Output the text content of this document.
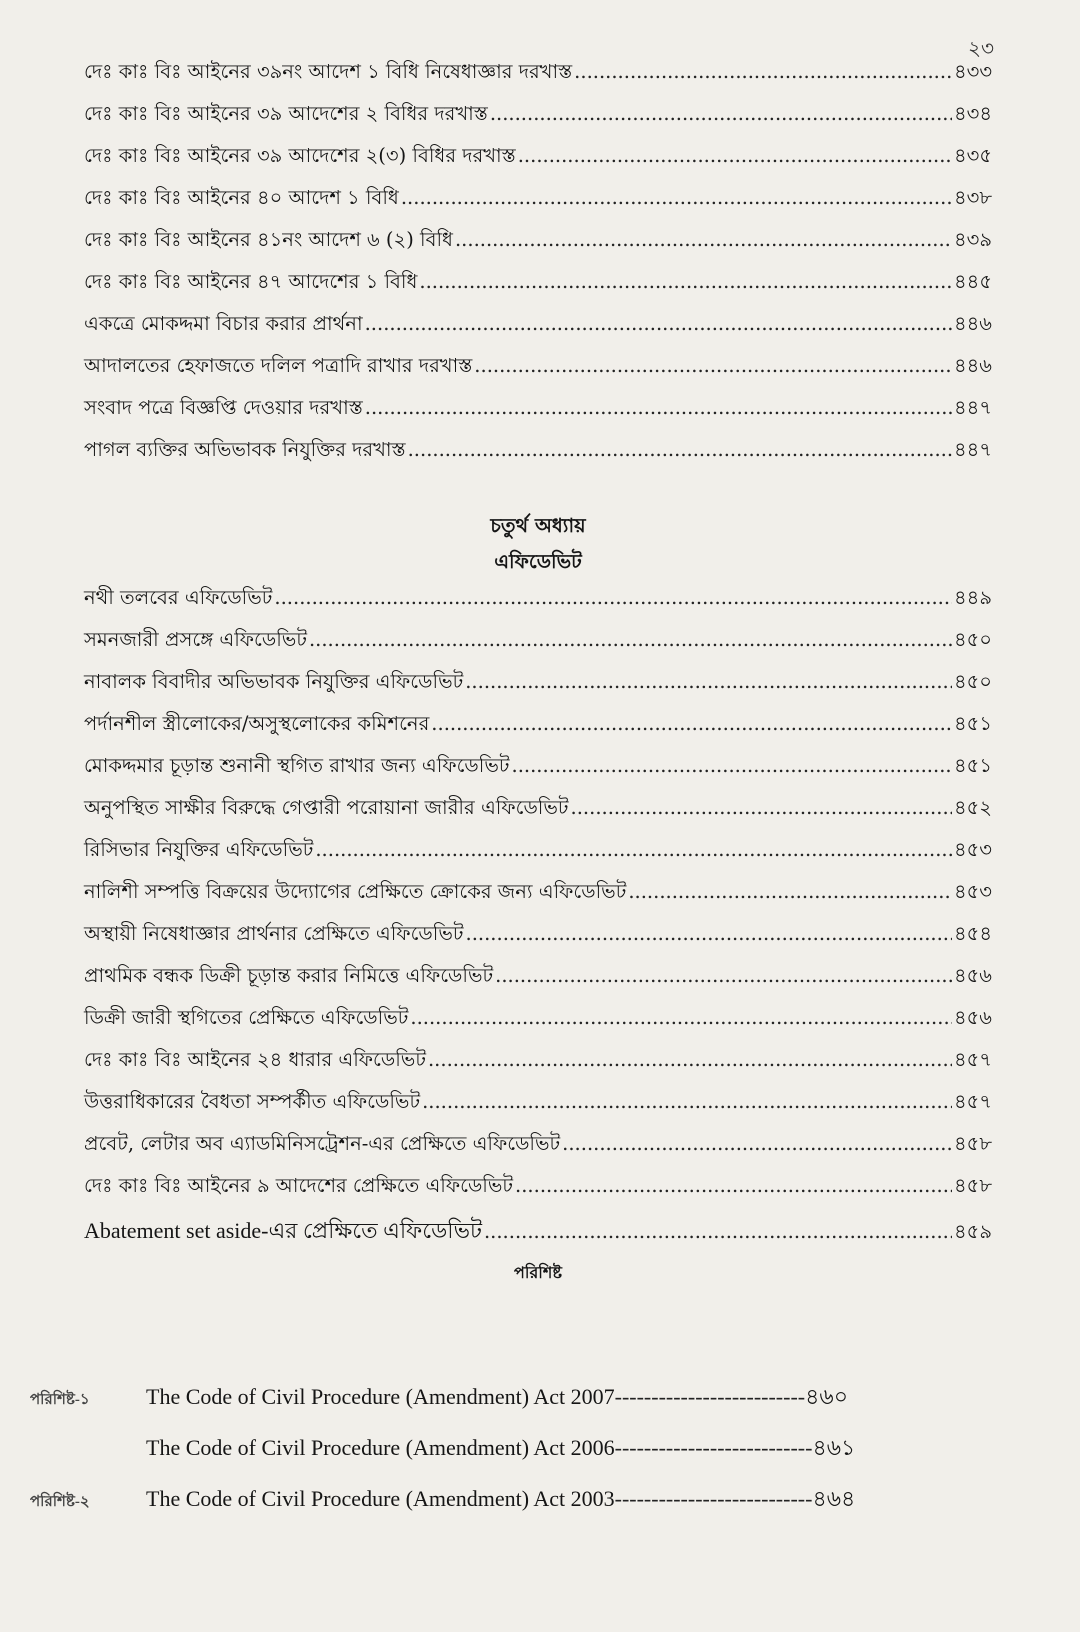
২৩
দেঃ কাঃ বিঃ আইনের ৩৯নং আদেশ ১ বিধি নিষেধাজ্ঞার দরখাস্ত .....	৪৩৩
দেঃ কাঃ বিঃ আইনের ৩৯ আদেশের ২ বিধির দরখাস্ত .....	৪৩৪
দেঃ কাঃ বিঃ আইনের ৩৯ আদেশের ২(৩) বিধির দরখাস্ত .....	৪৩৫
দেঃ কাঃ বিঃ আইনের ৪০ আদেশ ১ বিধি .....	৪৩৮
দেঃ কাঃ বিঃ আইনের ৪১নং আদেশ ৬ (২) বিধি .....	৪৩৯
দেঃ কাঃ বিঃ আইনের ৪৭ আদেশের ১ বিধি .....	৪৪৫
একত্রে মোকদ্দমা বিচার করার প্রার্থনা .....	৪৪৬
আদালতের হেফাজতে দলিল পত্রাদি রাখার দরখাস্ত .....	৪৪৬
সংবাদ পত্রে বিজ্ঞপ্তি দেওয়ার দরখাস্ত .....	৪৪৭
পাগল ব্যক্তির অভিভাবক নিযুক্তির দরখাস্ত .....	৪৪৭
চতুর্থ অধ্যায়
এফিডেভিট
নথী তলবের এফিডেভিট .....	৪৪৯
সমনজারী প্রসঙ্গে এফিডেভিট .....	৪৫০
নাবালক বিবাদীর অভিভাবক নিযুক্তির এফিডেভিট .....	৪৫০
পর্দানশীল স্ত্রীলোকের/অসুস্থলোকের কমিশনের .....	৪৫১
মোকদ্দমার চূড়ান্ত শুনানী স্থগিত রাখার জন্য এফিডেভিট .....	৪৫১
অনুপস্থিত সাক্ষীর বিরুদ্ধে গেপ্তারী পরোয়ানা জারীর এফিডেভিট .....	৪৫২
রিসিভার নিযুক্তির এফিডেভিট .....	৪৫৩
নালিশী সম্পত্তি বিক্রয়ের উদ্যোগের প্রেক্ষিতে ক্রোকের জন্য এফিডেভিট .....	৪৫৩
অস্থায়ী নিষেধাজ্ঞার প্রার্থনার প্রেক্ষিতে এফিডেভিট .....	৪৫৪
প্রাথমিক বন্ধক ডিক্রী চূড়ান্ত করার নিমিত্তে এফিডেভিট .....	৪৫৬
ডিক্রী জারী স্থগিতের প্রেক্ষিতে এফিডেভিট .....	৪৫৬
দেঃ কাঃ বিঃ আইনের ২৪ ধারার এফিডেভিট .....	৪৫৭
উত্তরাধিকারের বৈধতা সম্পর্কীত এফিডেভিট .....	৪৫৭
প্রবেট, লেটার অব এ্যাডমিনিসট্রেশন-এর প্রেক্ষিতে এফিডেভিট .....	৪৫৮
দেঃ কাঃ বিঃ আইনের ৯ আদেশের প্রেক্ষিতে এফিডেভিট .....	৪৫৮
Abatement set aside-এর প্রেক্ষিতে এফিডেভিট .....	৪৫৯
পরিশিষ্ট
পরিশিষ্ট-১	The Code of Civil Procedure (Amendment) Act 2007 -------------------------- ৪৬০
The Code of Civil Procedure (Amendment) Act 2006 --------------------------- ৪৬১
পরিশিষ্ট-২	The Code of Civil Procedure (Amendment) Act 2003 --------------------------- ৪৬৪
